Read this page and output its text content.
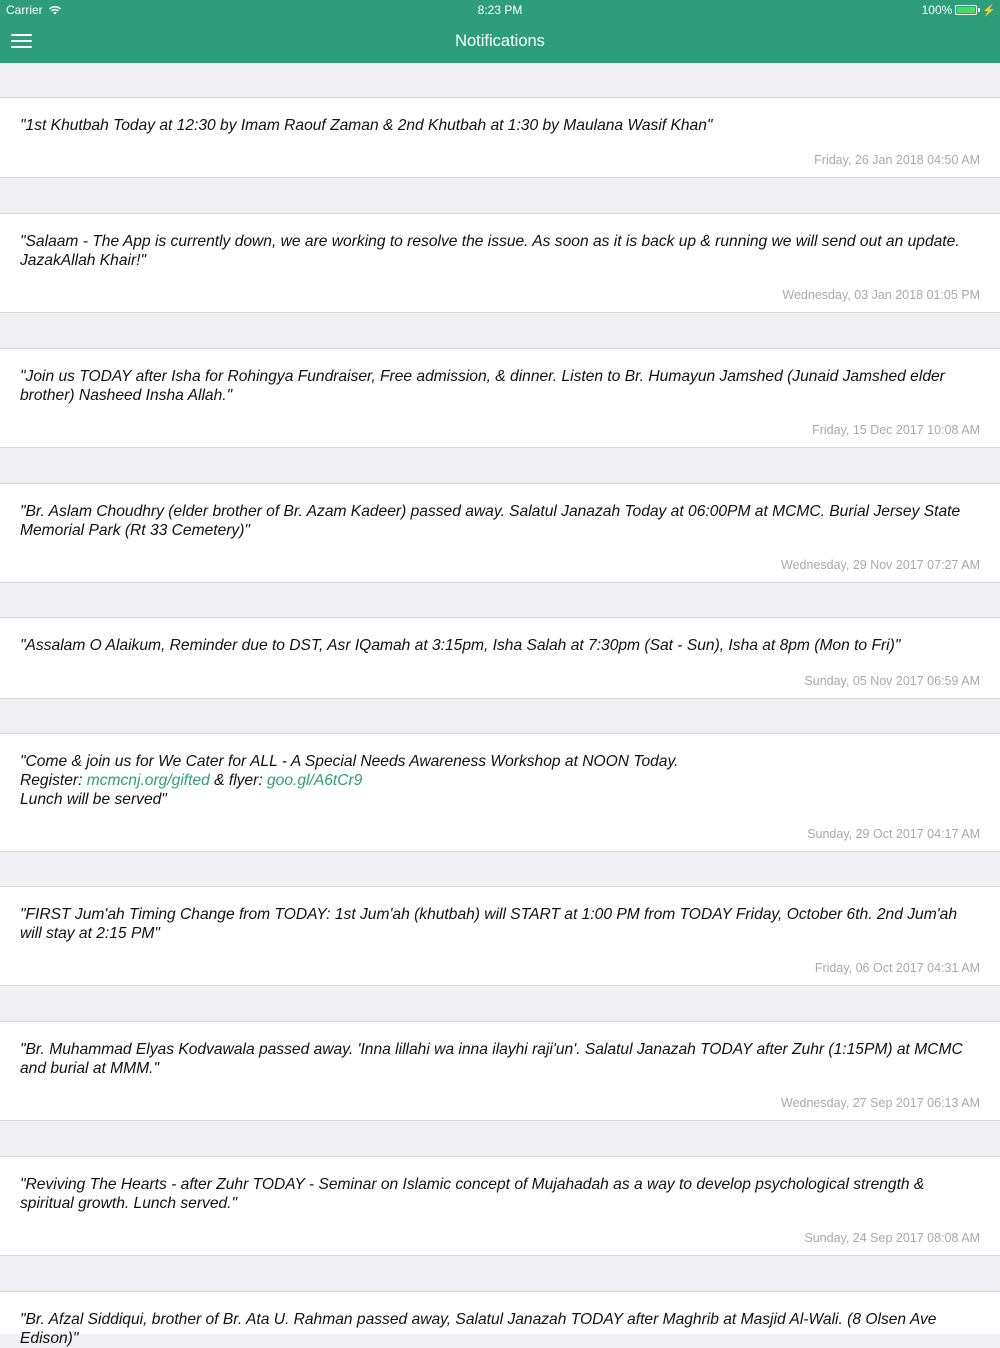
Carrier	8:23 PM	100%	⚡
Notifications
"1st Khutbah Today at 12:30 by Imam Raouf Zaman & 2nd Khutbah at 1:30 by Maulana Wasif Khan"
Friday, 26 Jan 2018 04:50 AM
"Salaam - The App is currently down, we are working to resolve the issue. As soon as it is back up & running we will send out an update.
JazakAllah Khair!"
Wednesday, 03 Jan 2018 01:05 PM
"Join us TODAY after Isha for Rohingya Fundraiser, Free admission, & dinner. Listen to Br. Humayun Jamshed (Junaid Jamshed elder
brother) Nasheed Insha Allah."
Friday, 15 Dec 2017 10:08 AM
"Br. Aslam Choudhry (elder brother of Br. Azam Kadeer) passed away. Salatul Janazah Today at 06:00PM at MCMC. Burial Jersey State
Memorial Park (Rt 33 Cemetery)"
Wednesday, 29 Nov 2017 07:27 AM
"Assalam O Alaikum, Reminder due to DST, Asr IQamah at 3:15pm, Isha Salah at 7:30pm (Sat - Sun), Isha at 8pm (Mon to Fri)"
Sunday, 05 Nov 2017 06:59 AM
"Come & join us for We Cater for ALL - A Special Needs Awareness Workshop at NOON Today.
Register: mcmcnj.org/gifted & flyer: goo.gl/A6tCr9
Lunch will be served"
Sunday, 29 Oct 2017 04:17 AM
"FIRST Jum'ah Timing Change from TODAY: 1st Jum'ah (khutbah) will START at 1:00 PM from TODAY Friday, October 6th. 2nd Jum'ah
will stay at 2:15 PM"
Friday, 06 Oct 2017 04:31 AM
"Br. Muhammad Elyas Kodvawala passed away. 'Inna lillahi wa inna ilayhi raji'un'. Salatul Janazah TODAY after Zuhr (1:15PM) at MCMC
and burial at MMM."
Wednesday, 27 Sep 2017 06:13 AM
"Reviving The Hearts - after Zuhr TODAY - Seminar on Islamic concept of Mujahadah as a way to develop psychological strength &
spiritual growth. Lunch served."
Sunday, 24 Sep 2017 08:08 AM
"Br. Afzal Siddiqui, brother of Br. Ata U. Rahman passed away, Salatul Janazah TODAY after Maghrib at Masjid Al-Wali. (8 Olsen Ave
Edison)"
